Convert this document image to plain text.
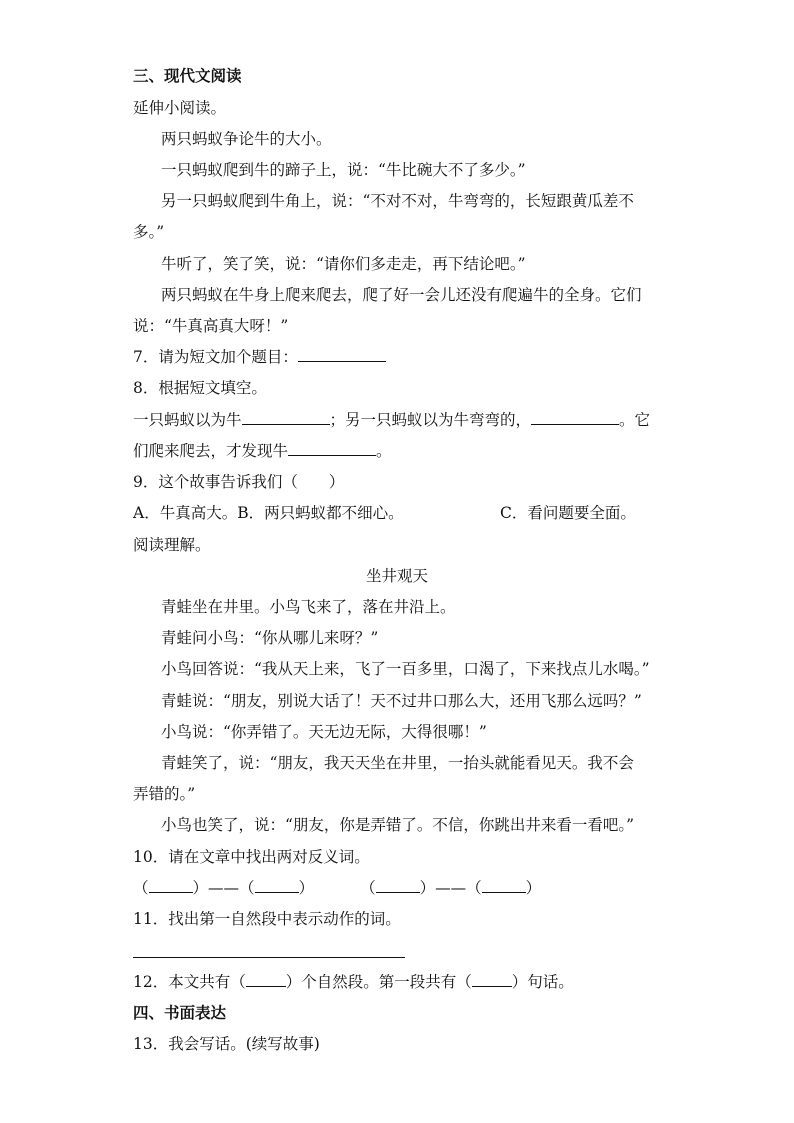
三、现代文阅读
延伸小阅读。
两只蚂蚁争论牛的大小。
一只蚂蚁爬到牛的蹄子上，说：“牛比碗大不了多少。”
另一只蚂蚁爬到牛角上，说：“不对不对，牛弯弯的，长短跟黄瓜差不
多。”
牛听了，笑了笑，说：“请你们多走走，再下结论吧。”
两只蚂蚁在牛身上爬来爬去，爬了好一会儿还没有爬遍牛的全身。它们
说：“牛真高真大呀！”
7．请为短文加个题目：
8．根据短文填空。
一只蚂蚁以为牛	；另一只蚂蚁以为牛弯弯的，	。它
们爬来爬去，才发现牛	。
9．这个故事告诉我们（　　）
A．牛真高大。B．两只蚂蚁都不细心。	C．看问题要全面。
阅读理解。
坐井观天
青蛙坐在井里。小鸟飞来了，落在井沿上。
青蛙问小鸟：“你从哪儿来呀？”
小鸟回答说：“我从天上来，飞了一百多里，口渴了，下来找点儿水喝。”
青蛙说：“朋友，别说大话了！天不过井口那么大，还用飞那么远吗？”
小鸟说：“你弄错了。天无边无际，大得很哪！”
青蛙笑了，说：“朋友，我天天坐在井里，一抬头就能看见天。我不会
弄错的。”
小鸟也笑了，说：“朋友，你是弄错了。不信，你跳出井来看一看吧。”
10．请在文章中找出两对反义词。
（	）——（	）	（	）——（	）
11．找出第一自然段中表示动作的词。
12．本文共有（	）个自然段。第一段共有（	）句话。
四、书面表达
13．我会写话。(续写故事)
